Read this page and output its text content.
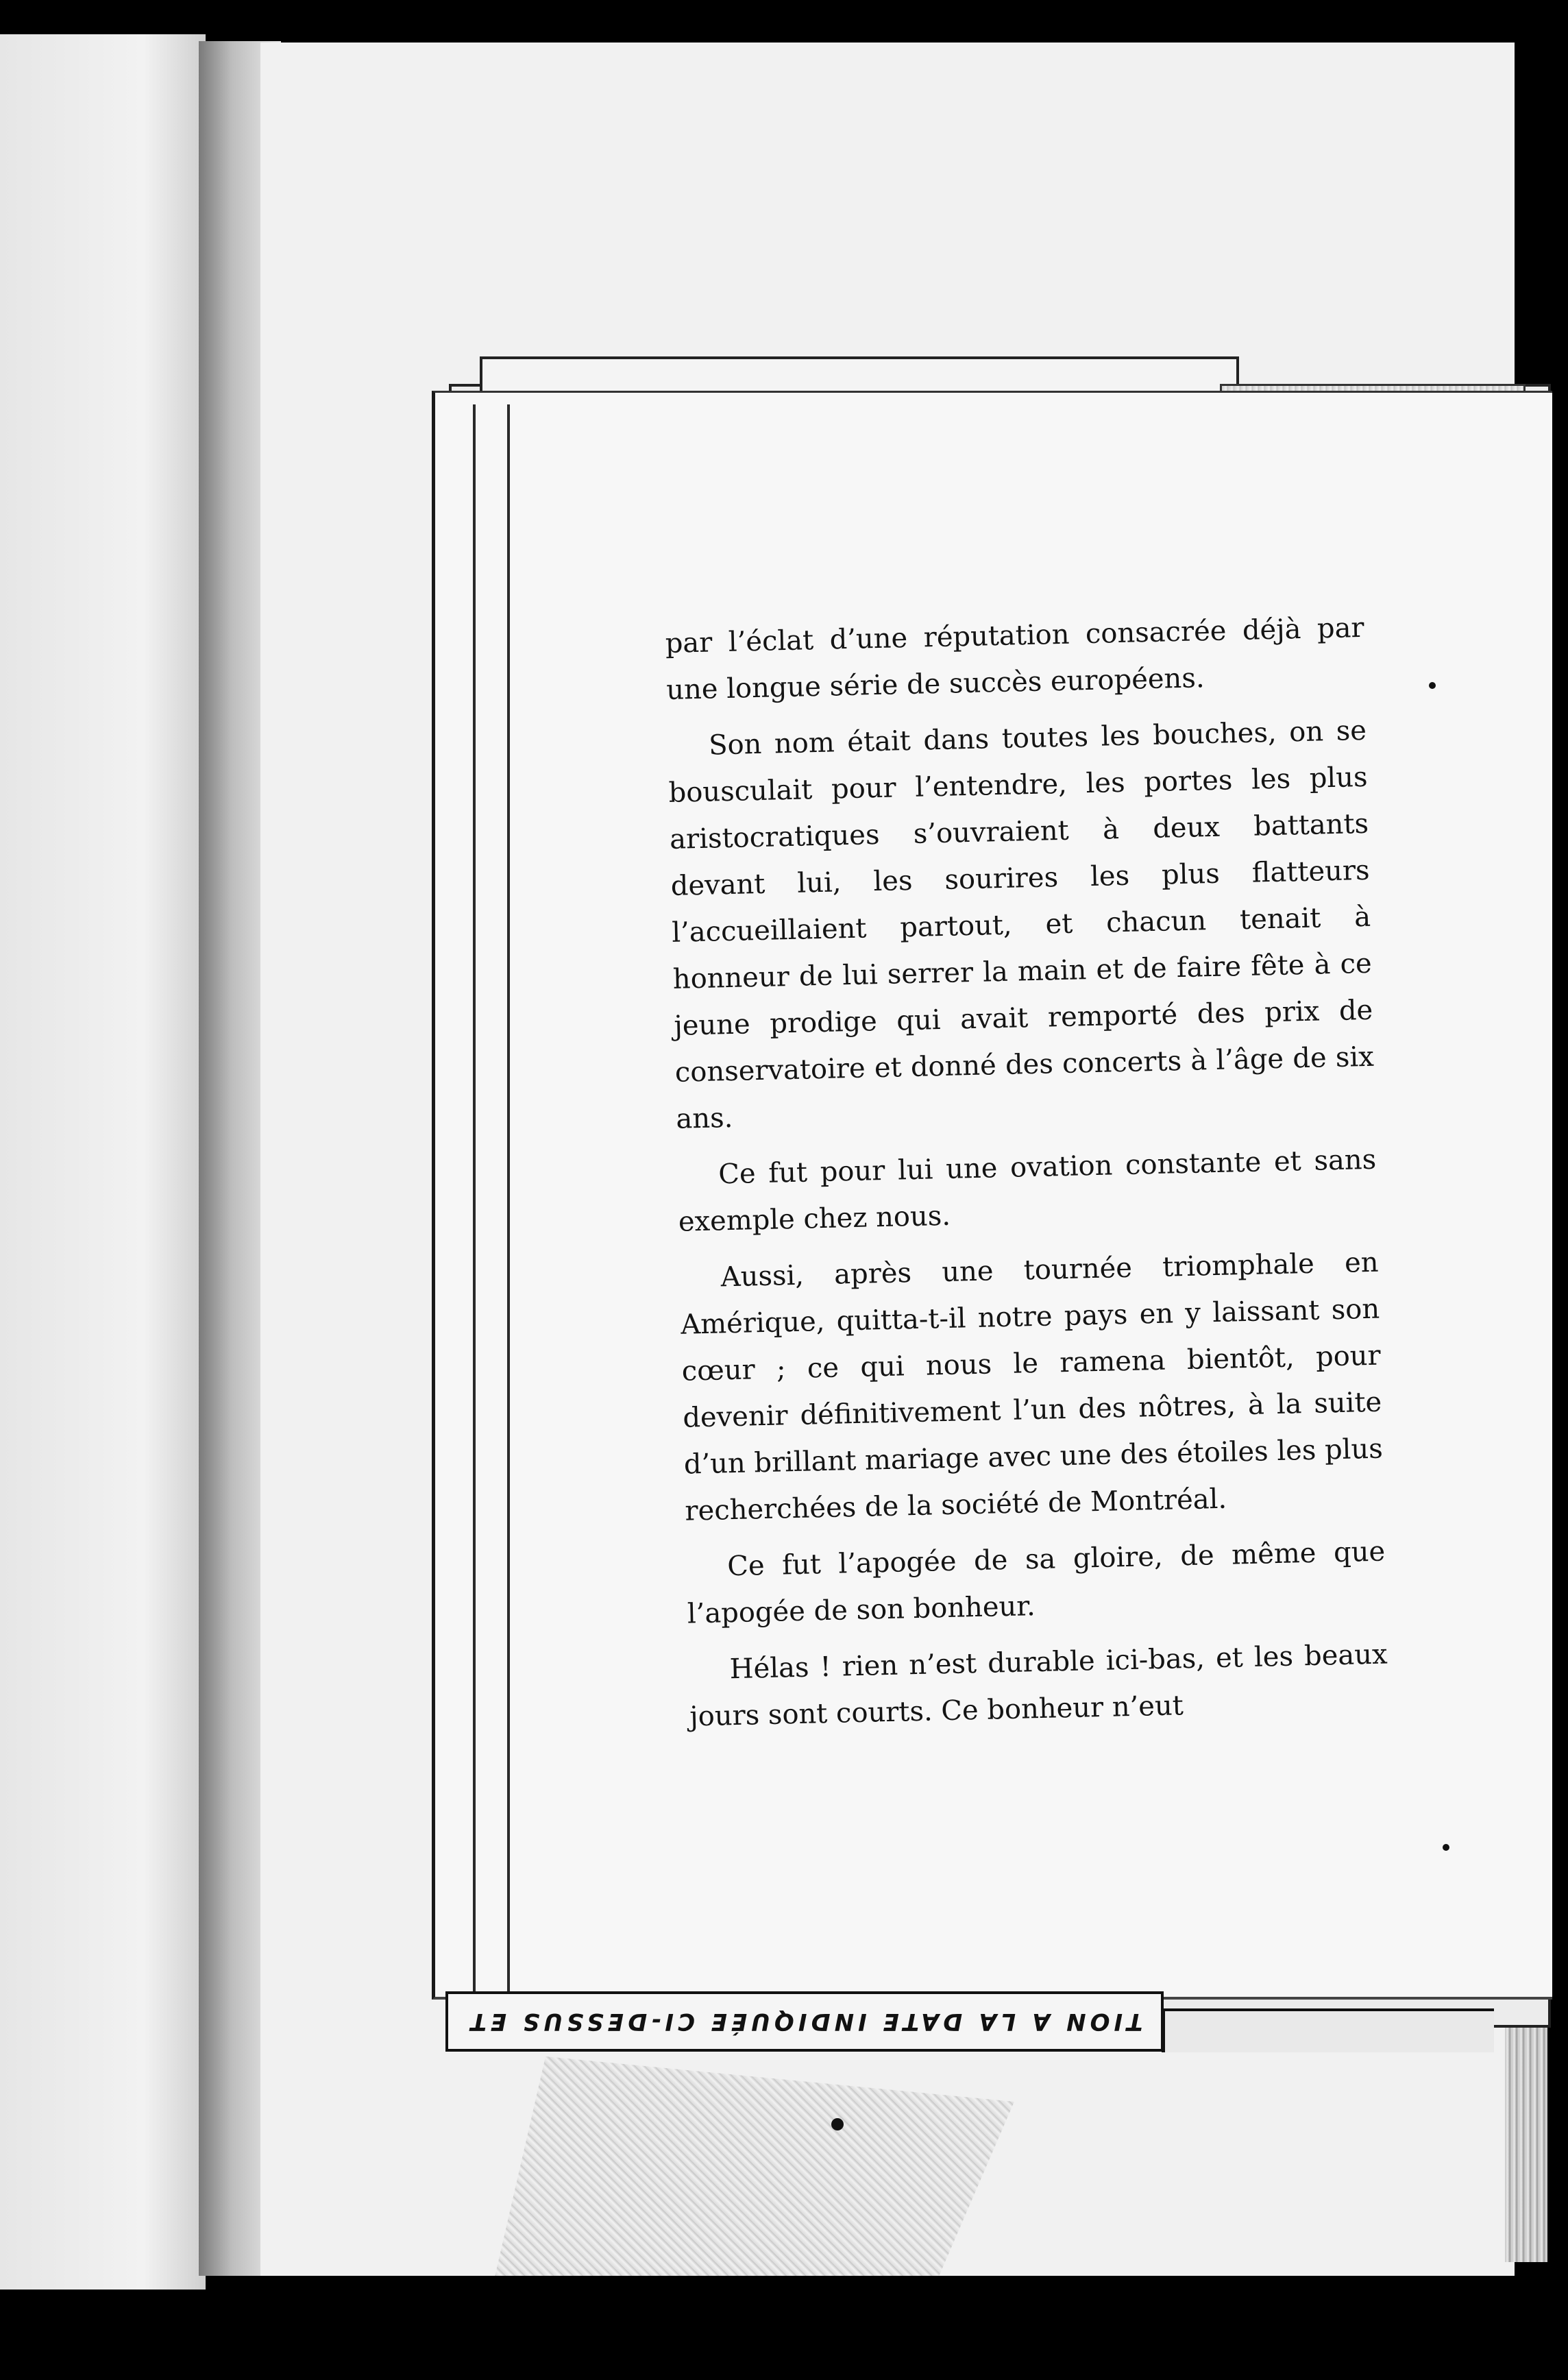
par l’éclat d’une réputation consacrée déjà par une longue série de succès européens.

Son nom était dans toutes les bouches, on se bousculait pour l’entendre, les portes les plus aristocratiques s’ouvraient à deux battants devant lui, les sourires les plus flatteurs l’accueillaient partout, et chacun tenait à honneur de lui serrer la main et de faire fête à ce jeune prodige qui avait remporté des prix de conservatoire et donné des concerts à l’âge de six ans.

Ce fut pour lui une ovation constante et sans exemple chez nous.

Aussi, après une tournée triomphale en Amérique, quitta-t-il notre pays en y laissant son cœur ; ce qui nous le ramena bientôt, pour devenir définitivement l’un des nôtres, à la suite d’un brillant mariage avec une des étoiles les plus recherchées de la société de Montréal.

Ce fut l’apogée de sa gloire, de même que l’apogée de son bonheur.

Hélas ! rien n’est durable ici-bas, et les beaux jours sont courts. Ce bonheur n’eut

TION A LA DATE INDIQUÉE CI-DESSUS ET
